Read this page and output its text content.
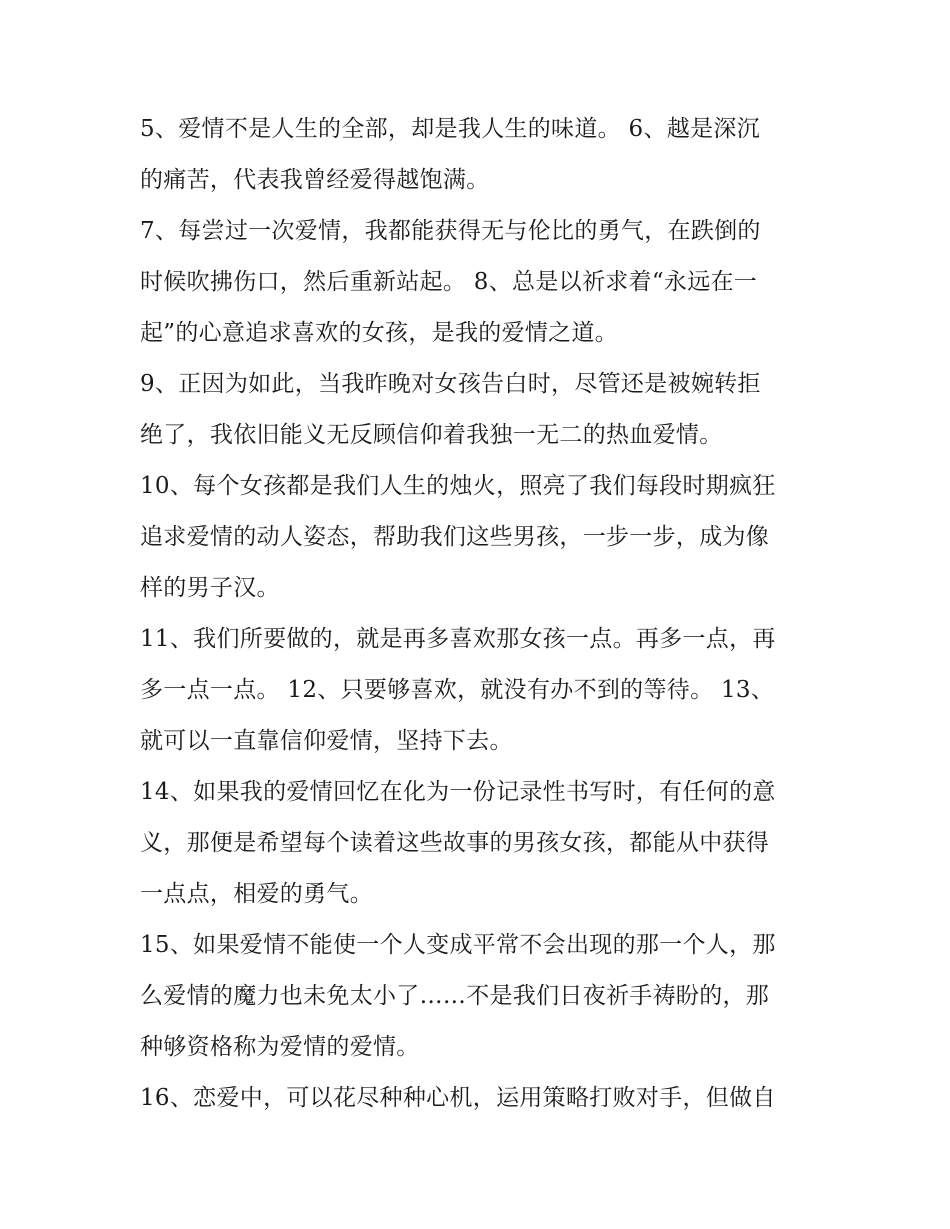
5、爱情不是人生的全部，却是我人生的味道。 6、越是深沉
的痛苦，代表我曾经爱得越饱满。

7、每尝过一次爱情，我都能获得无与伦比的勇气，在跌倒的
时候吹拂伤口，然后重新站起。 8、总是以祈求着“永远在一
起”的心意追求喜欢的女孩，是我的爱情之道。

9、正因为如此，当我昨晚对女孩告白时，尽管还是被婉转拒
绝了，我依旧能义无反顾信仰着我独一无二的热血爱情。

10、每个女孩都是我们人生的烛火，照亮了我们每段时期疯狂
追求爱情的动人姿态，帮助我们这些男孩，一步一步，成为像
样的男子汉。

11、我们所要做的，就是再多喜欢那女孩一点。再多一点，再
多一点一点。 12、只要够喜欢，就没有办不到的等待。 13、
就可以一直靠信仰爱情，坚持下去。

14、如果我的爱情回忆在化为一份记录性书写时，有任何的意
义，那便是希望每个读着这些故事的男孩女孩，都能从中获得
一点点，相爱的勇气。

15、如果爱情不能使一个人变成平常不会出现的那一个人，那
么爱情的魔力也未免太小了……不是我们日夜祈手祷盼的，那
种够资格称为爱情的爱情。

16、恋爱中，可以花尽种种心机，运用策略打败对手，但做自
